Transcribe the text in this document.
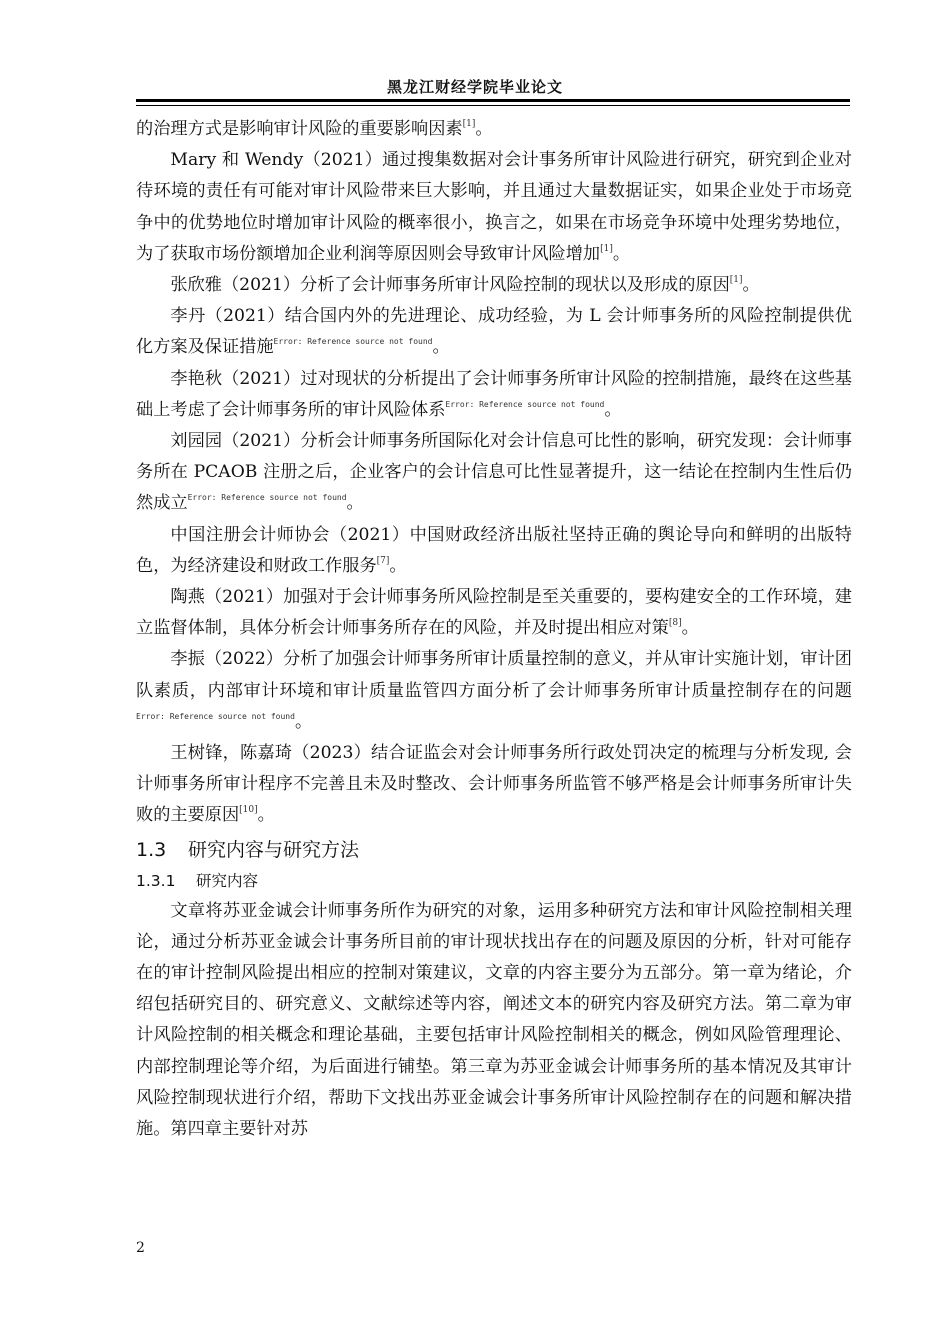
黑龙江财经学院毕业论文

的治理方式是影响审计风险的重要影响因素[1]。

Mary 和 Wendy（2021）通过搜集数据对会计事务所审计风险进行研究，研究到企业对待环境的责任有可能对审计风险带来巨大影响，并且通过大量数据证实，如果企业处于市场竞争中的优势地位时增加审计风险的概率很小，换言之，如果在市场竞争环境中处理劣势地位，为了获取市场份额增加企业利润等原因则会导致审计风险增加[1]。

张欣雅（2021）分析了会计师事务所审计风险控制的现状以及形成的原因[1]。

李丹（2021）结合国内外的先进理论、成功经验，为 L 会计师事务所的风险控制提供优化方案及保证措施$^{Error: Reference source not found}$。

李艳秋（2021）过对现状的分析提出了会计师事务所审计风险的控制措施，最终在这些基础上考虑了会计师事务所的审计风险体系$^{Error: Reference source not found}$。

刘园园（2021）分析会计师事务所国际化对会计信息可比性的影响，研究发现：会计师事务所在 PCAOB 注册之后，企业客户的会计信息可比性显著提升，这一结论在控制内生性后仍然成立$^{Error: Reference source not found}$。

中国注册会计师协会（2021）中国财政经济出版社坚持正确的舆论导向和鲜明的出版特色，为经济建设和财政工作服务[7]。

陶燕（2021）加强对于会计师事务所风险控制是至关重要的，要构建安全的工作环境，建立监督体制，具体分析会计师事务所存在的风险，并及时提出相应对策[8]。

李振（2022）分析了加强会计师事务所审计质量控制的意义，并从审计实施计划，审计团队素质，内部审计环境和审计质量监管四方面分析了会计师事务所审计质量控制存在的问题$^{Error: Reference source not found}$。

王树锋，陈嘉琦（2023）结合证监会对会计师事务所行政处罚决定的梳理与分析发现, 会计师事务所审计程序不完善且未及时整改、会计师事务所监管不够严格是会计师事务所审计失败的主要原因[10]。

1.3 研究内容与研究方法
1.3.1 研究内容

文章将苏亚金诚会计师事务所作为研究的对象，运用多种研究方法和审计风险控制相关理论，通过分析苏亚金诚会计事务所目前的审计现状找出存在的问题及原因的分析，针对可能存在的审计控制风险提出相应的控制对策建议，文章的内容主要分为五部分。第一章为绪论，介绍包括研究目的、研究意义、文献综述等内容，阐述文本的研究内容及研究方法。第二章为审计风险控制的相关概念和理论基础，主要包括审计风险控制相关的概念，例如风险管理理论、内部控制理论等介绍，为后面进行铺垫。第三章为苏亚金诚会计师事务所的基本情况及其审计风险控制现状进行介绍，帮助下文找出苏亚金诚会计事务所审计风险控制存在的问题和解决措施。第四章主要针对苏

2
